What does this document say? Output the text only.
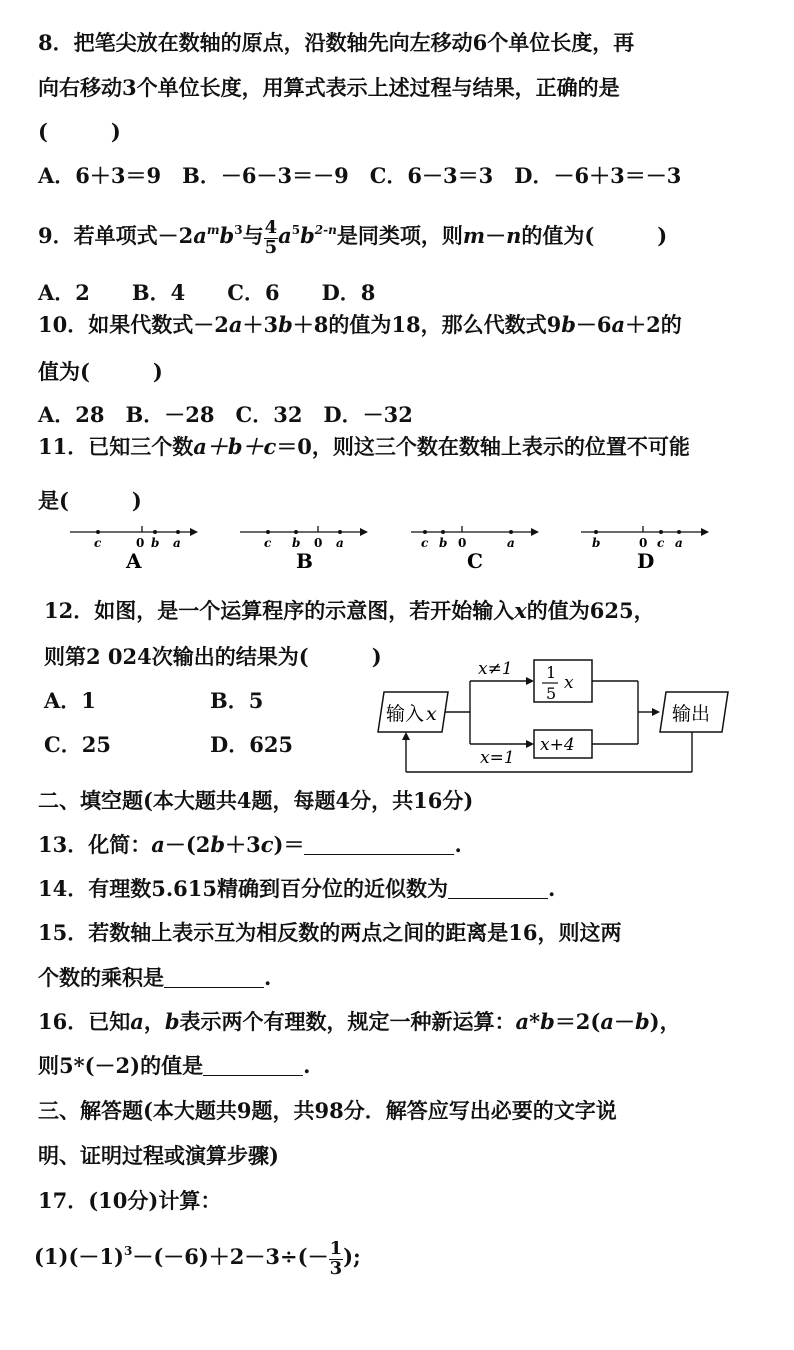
8．把笔尖放在数轴的原点，沿数轴先向左移动6个单位长度，再
向右移动3个单位长度，用算式表示上述过程与结果，正确的是
(　　　)
A．6＋3＝9　B．－6－3＝－9　C．6－3＝3　D．－6＋3＝－3
9．若单项式$-2a^mb^3$与 $\frac{4}{5} a^5b^{2-n}$是同类项，则m－n的值为(　　　)
A．2　　B．4　　C．6　　D．8
10．如果代数式－2a＋3b＋8的值为18，那么代数式9b－6a＋2的
值为(　　　)
A．28　B．－28　C．32　D．－32
11．已知三个数a＋b＋c＝0，则这三个数在数轴上表示的位置不可能
是(　　　)
c	0 b a
A
c b 0 a
B
c b 0	a
C
b	0 c a
D
12．如图，是一个运算程序的示意图，若开始输入x的值为625，
则第2 024次输出的结果为(　　　)
A．1	B．5
C．25	D．625
输入 x
x≠1 1
5
x
x=1
x+4
输出
二、填空题(本大题共4题，每题4分，共16分)
13．化简：a－(2b＋3c)＝	.
14．有理数5.615精确到百分位的近似数为	.
15．若数轴上表示互为相反数的两点之间的距离是16，则这两
个数的乘积是	.
16．已知a，b表示两个有理数，规定一种新运算：a*b＝2(a－b)，
则5*(－2)的值是	.
三、解答题(本大题共9题，共98分．解答应写出必要的文字说
明、证明过程或演算步骤)
17．(10分)计算：
$(1)(-1)^3-(-6)+2-3\div(- \frac{1}{3}$ );
